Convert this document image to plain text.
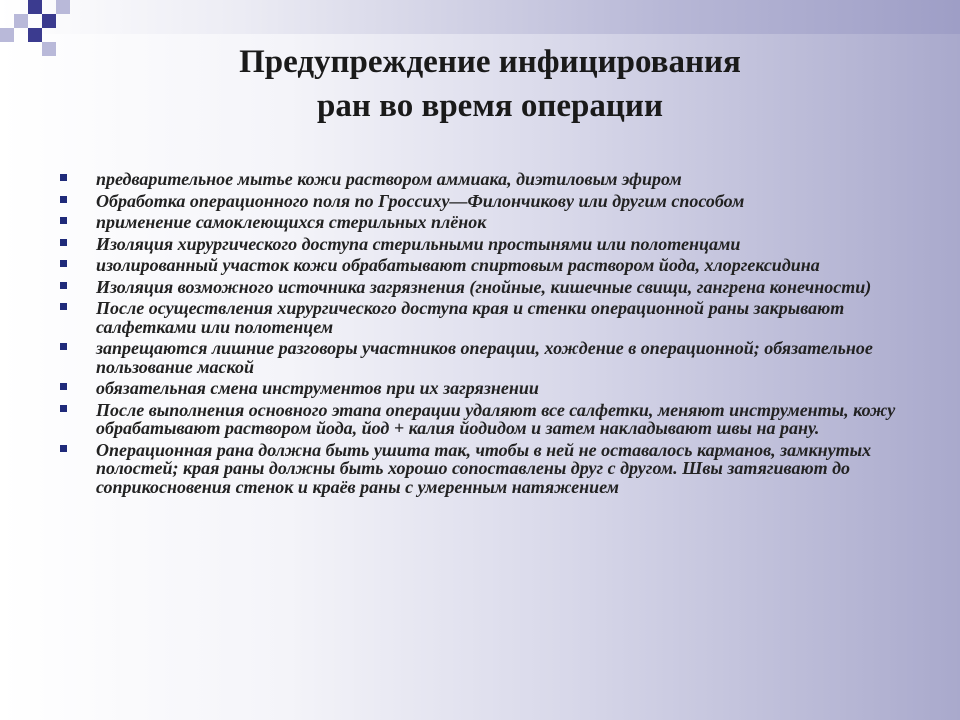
Предупреждение инфицирования
ран во время операции
предварительное мытье кожи раствором аммиака, диэтиловым эфиром
Обработка операционного поля по Гроссиху—Филончикову или другим способом
применение самоклеющихся стерильных плёнок
Изоляция хирургического доступа стерильными простынями или полотенцами
изолированный участок кожи обрабатывают спиртовым раствором йода, хлоргексидина
Изоляция возможного источника загрязнения (гнойные, кишечные свищи, гангрена конечности)
После осуществления хирургического доступа края и стенки операционной раны закрывают салфетками или полотенцем
запрещаются лишние разговоры участников операции, хождение в операционной; обязательное пользование маской
обязательная смена инструментов при их загрязнении
После выполнения основного этапа операции удаляют все салфетки, меняют инструменты, кожу обрабатывают раствором йода, йод + калия йодидом и затем накладывают швы на рану.
Операционная рана должна быть ушита так, чтобы в ней не оставалось карманов, замкнутых полостей; края раны должны быть хорошо сопоставлены друг с другом. Швы затягивают до соприкосновения стенок и краёв раны с умеренным натяжением
